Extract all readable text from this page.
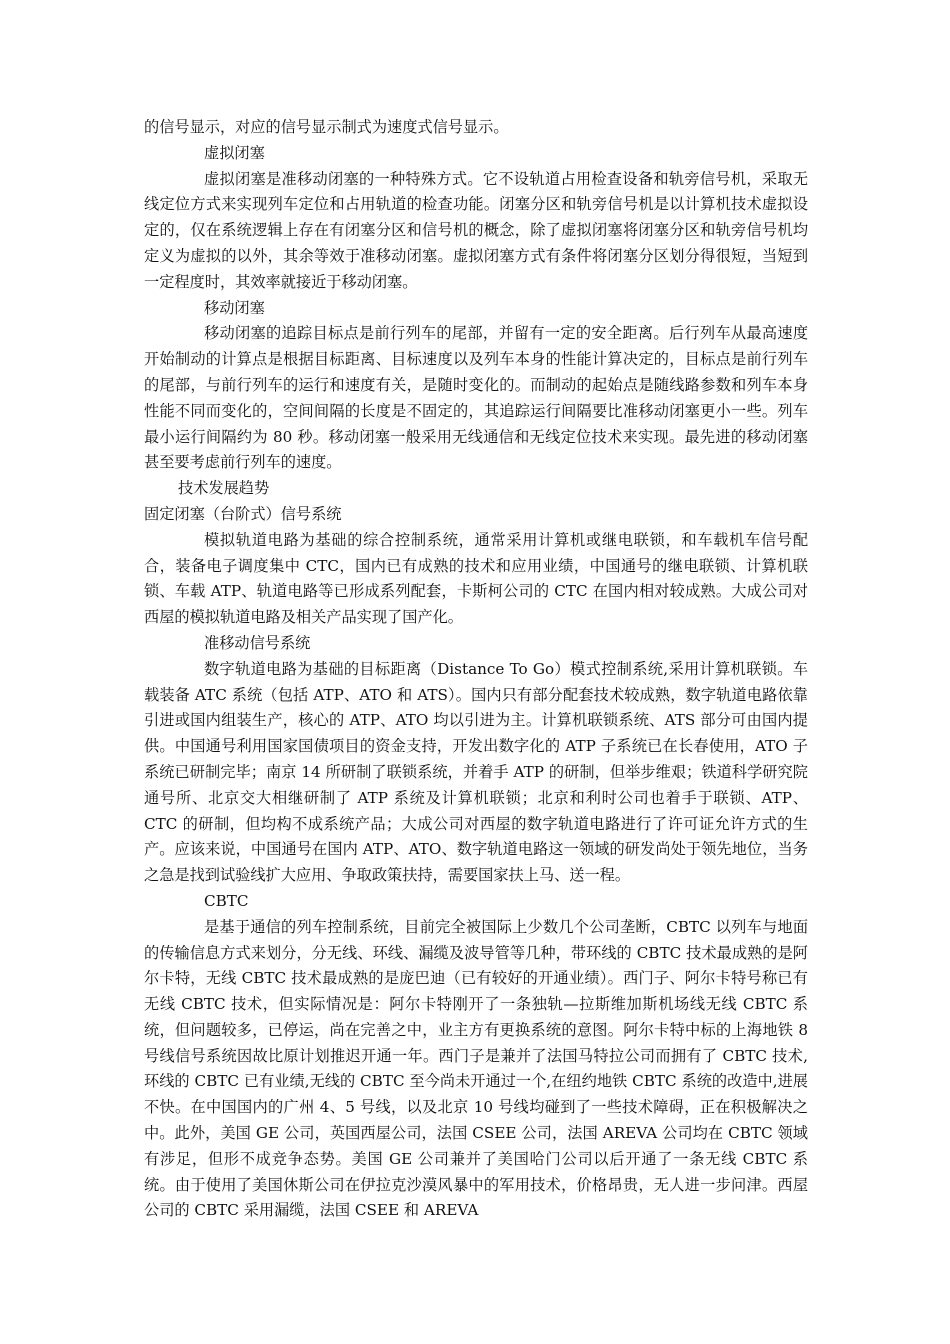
的信号显示，对应的信号显示制式为速度式信号显示。

虚拟闭塞

虚拟闭塞是准移动闭塞的一种特殊方式。它不设轨道占用检查设备和轨旁信号机，采取无线定位方式来实现列车定位和占用轨道的检查功能。闭塞分区和轨旁信号机是以计算机技术虚拟设定的，仅在系统逻辑上存在有闭塞分区和信号机的概念，除了虚拟闭塞将闭塞分区和轨旁信号机均定义为虚拟的以外，其余等效于准移动闭塞。虚拟闭塞方式有条件将闭塞分区划分得很短，当短到一定程度时，其效率就接近于移动闭塞。

移动闭塞

移动闭塞的追踪目标点是前行列车的尾部，并留有一定的安全距离。后行列车从最高速度开始制动的计算点是根据目标距离、目标速度以及列车本身的性能计算决定的，目标点是前行列车的尾部，与前行列车的运行和速度有关，是随时变化的。而制动的起始点是随线路参数和列车本身性能不同而变化的，空间间隔的长度是不固定的，其追踪运行间隔要比准移动闭塞更小一些。列车最小运行间隔约为 80 秒。移动闭塞一般采用无线通信和无线定位技术来实现。最先进的移动闭塞甚至要考虑前行列车的速度。

技术发展趋势

固定闭塞（台阶式）信号系统

模拟轨道电路为基础的综合控制系统，通常采用计算机或继电联锁，和车载机车信号配合，装备电子调度集中 CTC，国内已有成熟的技术和应用业绩，中国通号的继电联锁、计算机联锁、车载 ATP、轨道电路等已形成系列配套，卡斯柯公司的 CTC 在国内相对较成熟。大成公司对西屋的模拟轨道电路及相关产品实现了国产化。

准移动信号系统

数字轨道电路为基础的目标距离（Distance To Go）模式控制系统,采用计算机联锁。车载装备 ATC 系统（包括 ATP、ATO 和 ATS）。国内只有部分配套技术较成熟，数字轨道电路依靠引进或国内组装生产，核心的 ATP、ATO 均以引进为主。计算机联锁系统、ATS 部分可由国内提供。中国通号利用国家国债项目的资金支持，开发出数字化的 ATP 子系统已在长春使用，ATO 子系统已研制完毕；南京 14 所研制了联锁系统，并着手 ATP 的研制，但举步维艰；铁道科学研究院通号所、北京交大相继研制了 ATP 系统及计算机联锁；北京和利时公司也着手于联锁、ATP、CTC 的研制，但均构不成系统产品；大成公司对西屋的数字轨道电路进行了许可证允许方式的生产。应该来说，中国通号在国内 ATP、ATO、数字轨道电路这一领域的研发尚处于领先地位，当务之急是找到试验线扩大应用、争取政策扶持，需要国家扶上马、送一程。

CBTC

是基于通信的列车控制系统，目前完全被国际上少数几个公司垄断，CBTC 以列车与地面的传输信息方式来划分，分无线、环线、漏缆及波导管等几种，带环线的 CBTC 技术最成熟的是阿尔卡特，无线 CBTC 技术最成熟的是庞巴迪（已有较好的开通业绩）。西门子、阿尔卡特号称已有无线 CBTC 技术，但实际情况是：阿尔卡特刚开了一条独轨—拉斯维加斯机场线无线 CBTC 系统，但问题较多，已停运，尚在完善之中，业主方有更换系统的意图。阿尔卡特中标的上海地铁 8 号线信号系统因故比原计划推迟开通一年。西门子是兼并了法国马特拉公司而拥有了 CBTC 技术,环线的 CBTC 已有业绩,无线的 CBTC 至今尚未开通过一个,在纽约地铁 CBTC 系统的改造中,进展不快。在中国国内的广州 4、5 号线，以及北京 10 号线均碰到了一些技术障碍，正在积极解决之中。此外，美国 GE 公司，英国西屋公司，法国 CSEE 公司，法国 AREVA 公司均在 CBTC 领域有涉足，但形不成竞争态势。美国 GE 公司兼并了美国哈门公司以后开通了一条无线 CBTC 系统。由于使用了美国休斯公司在伊拉克沙漠风暴中的军用技术，价格昂贵，无人进一步问津。西屋公司的 CBTC 采用漏缆，法国 CSEE 和 AREVA
